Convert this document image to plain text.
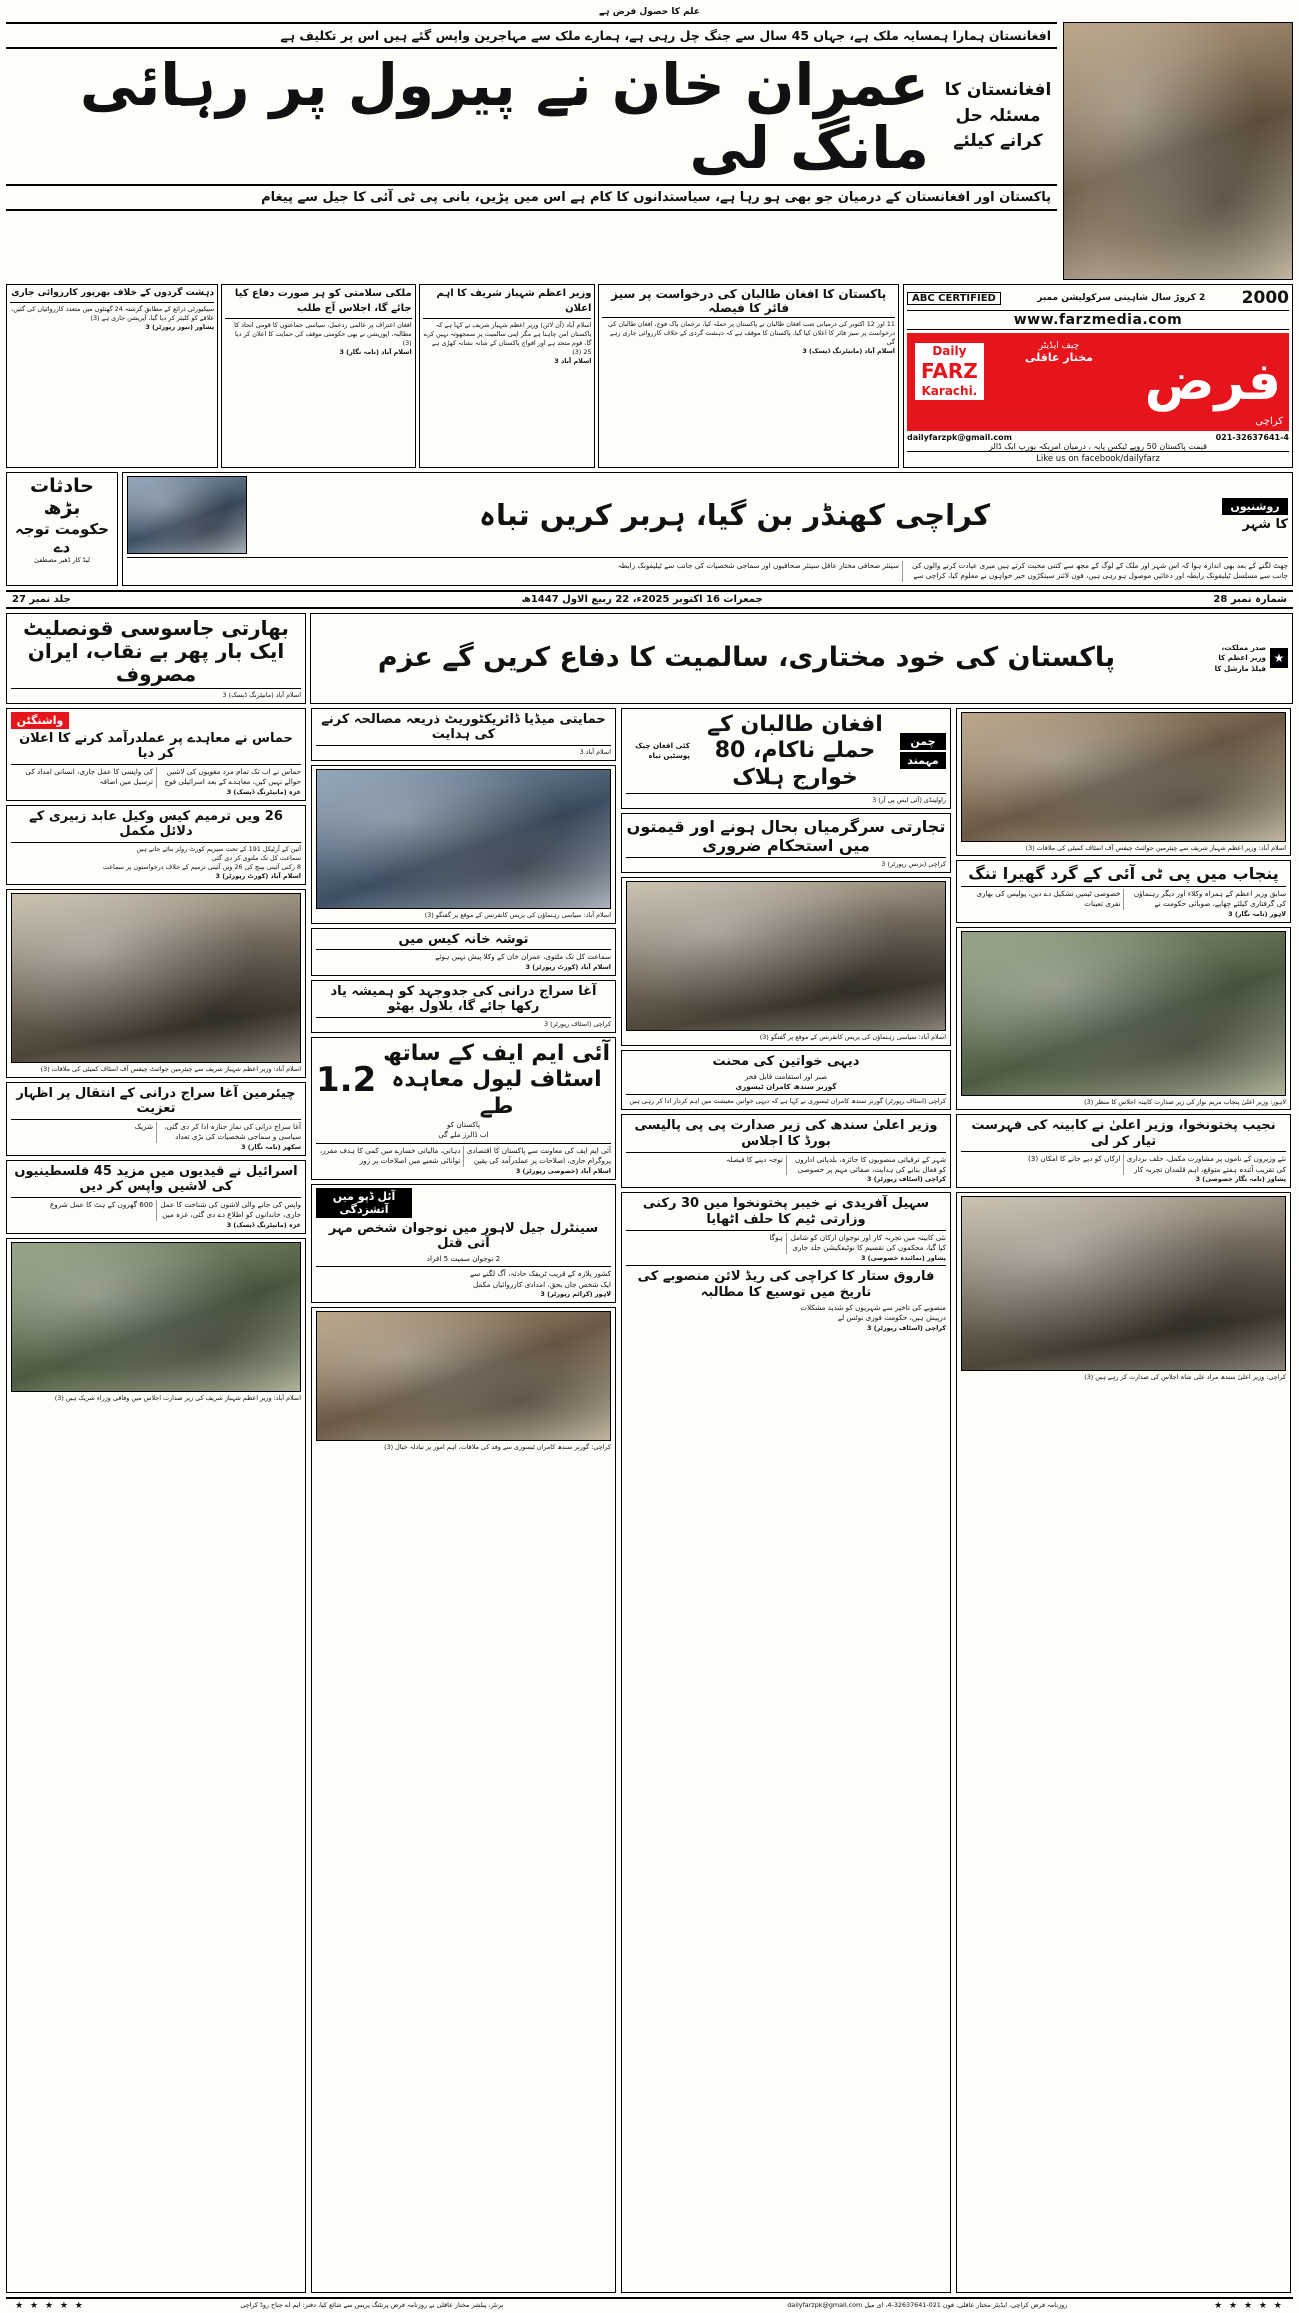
علم کا حصول فرض ہے
افغانستان ہمارا ہمسایہ ملک ہے، جہاں 45 سال سے جنگ چل رہی ہے، ہمارے ملک سے مہاجرین واپس گئے ہیں اس پر تکلیف ہے
عمران خان نے پیرول پر رہائی مانگ لی
افغانستان کا
مسئلہ حل
کرانے کیلئے
پاکستان اور افغانستان کے درمیان جو بھی ہو رہا ہے، سیاستدانوں کا کام ہے اس میں پڑیں، بانی پی ٹی آئی کا جیل سے پیغام
دہشت گردوں کے خلاف بھرپور کارروائی جاری
سیکیورٹی ذرائع کے مطابق گزشتہ 24 گھنٹوں میں متعدد کارروائیاں کی گئیں، علاقے کو کلیئر کر دیا گیا، آپریشن جاری ہے (3)
پشاور (نیوز رپورٹر) 3
ملکی سلامتی کو ہر صورت دفاع کیا جائے گا، اجلاس آج طلب
افغان اعتراف پر عالمی ردعمل، سیاسی جماعتوں کا قومی اتحاد کا مطالبہ، اپوزیشن نے بھی حکومتی موقف کی حمایت کا اعلان کر دیا (3)
اسلام آباد (نامہ نگار) 3
وزیر اعظم شہباز شریف کا اہم اعلان
اسلام آباد (آن لائن) وزیر اعظم شہباز شریف نے کہا ہے کہ پاکستان امن چاہتا ہے مگر اپنی سالمیت پر سمجھوتہ نہیں کرے گا، قوم متحد ہے اور افواج پاکستان کے شانہ بشانہ کھڑی ہے 25 (3)
اسلام آباد 3
پاکستان کا افغان طالبان کی درخواست پر سیز فائر کا فیصلہ
11 اور 12 اکتوبر کی درمیانی شب افغان طالبان نے پاکستان پر حملہ کیا، ترجمان پاک فوج، افغان طالبان کی درخواست پر سیز فائر کا اعلان کیا گیا، پاکستان کا موقف ہے کہ دہشت گردی کے خلاف کارروائی جاری رہے گی
اسلام آباد (مانیٹرنگ ڈیسک) 3
ABC CERTIFIED	2 کروڑ سال شاہینی سرکولیشن ممبر	2000
www.farzmedia.com
Daily
FARZ
Karachi.
چیف ایڈیٹر
مختار عاقلی فرض
کراچی
dailyfarzpk@gmail.com	021-32637641-4
قیمت پاکستان 50 روپے ٹیکس پایہ ، درمیان امریکہ یورپ ایک ڈالر
Like us on facebook/dailyfarz
حادثات بڑھ
حکومت توجہ دے
لیڈ کار ڈھیر مصطفیٰ
کراچی کھنڈر بن گیا، ہربر کریں تباہ	روشنیوں
کا شہر
چھٹ لگنے کے بعد بھی اندازہ ہوا کہ اس شہر اور ملک کے لوگ کے مجھ سے کتنی محبت کرتے ہیں میری عیادت کرنے والوں کی جانب سے مسلسل ٹیلیفونک رابطہ اور دعائیں موصول ہو رہی ہیں، فون لائنز سینکڑوں خیر خواہوں نے معلوم کیا، کراچی سے سینئر صحافی مختار عاقل سینئر صحافیوں اور سماجی شخصیات کی جانب سے ٹیلیفونک رابطہ
جلد نمبر 27	جمعرات 16 اکتوبر 2025ء، 22 ربیع الاول 1447ھ	شمارہ نمبر 28
بھارتی جاسوسی قونصلیٹ ایک بار پھر بے نقاب، ایران مصروف
اسلام آباد (مانیٹرنگ ڈیسک) 3
پاکستان کی خود مختاری، سالمیت کا دفاع کریں گے عزم	صدر مملکت،
وزیر اعظم کا
فیلڈ مارشل کا
★
واشنگٹن
حماس نے معاہدے پر عملدرآمد کرنے کا اعلان کر دیا
حماس نے اب تک تمام مرد مغویوں کی لاشیں حوالے نہیں کیں، معاہدے کے بعد اسرائیلی فوج کی واپسی کا عمل جاری، انسانی امداد کی ترسیل میں اضافہ
غزہ (مانیٹرنگ ڈیسک) 3
26 ویں ترمیم کیس وکیل عابد زبیری کے دلائل مکمل
آئین کے آرٹیکل 191 کے تحت سپریم کورٹ رولز بنائے جاتے ہیں
سماعت کل تک ملتوی کر دی گئی
8 رکنی آئینی بینچ کی 26 ویں آئینی ترمیم کے خلاف درخواستوں پر سماعت
اسلام آباد (کورٹ رپورٹر) 3
اسلام آباد: وزیر اعظم شہباز شریف سے چیئرمین جوائنٹ چیفس آف اسٹاف کمیٹی کی ملاقات (3)
چیئرمین آغا سراج درانی کے انتقال پر اظہار تعزیت
آغا سراج درانی کی نماز جنازہ ادا کر دی گئی، سیاسی و سماجی شخصیات کی بڑی تعداد شریک
سکھر (نامہ نگار) 3
اسرائیل نے قیدیوں میں مزید 45 فلسطینیوں کی لاشیں واپس کر دیں
واپس کی جانے والی لاشوں کی شناخت کا عمل جاری، خاندانوں کو اطلاع دے دی گئی، غزہ میں 600 گھروں کے ہٹ کا عمل شروع
غزہ (مانیٹرنگ ڈیسک) 3
اسلام آباد: وزیر اعظم شہباز شریف کی زیر صدارت اجلاس میں وفاقی وزراء شریک ہیں (3)
حمایتی میڈیا ڈائریکٹوریٹ ذریعہ مصالحہ کرنے کی ہدایت
اسلام آباد 3
اسلام آباد: سیاسی رہنماؤں کی پریس کانفرنس کے موقع پر گفتگو (3)
توشہ خانہ کیس میں
سماعت کل تک ملتوی، عمران خان کے وکلا پیش نہیں ہوئے
اسلام آباد (کورٹ رپورٹر) 3
آغا سراج درانی کی جدوجہد کو ہمیشہ یاد رکھا جائے گا، بلاول بھٹو
کراچی (اسٹاف رپورٹر) 3
1.2
آئی ایم ایف کے ساتھ اسٹاف لیول معاہدہ طے
پاکستان کو
اب ڈالرز ملے گی
آئی ایم ایف کی معاونت سے پاکستان کا اقتصادی پروگرام جاری، اصلاحات پر عملدرآمد کی یقین دہانی، مالیاتی خسارے میں کمی کا ہدف مقرر، توانائی شعبے میں اصلاحات پر زور
اسلام آباد (خصوصی رپورٹر) 3
آئل ڈپو میں آتشزدگی
سینٹرل جیل لاہور میں نوجوان شخص مہر آتی قتل
2 نوجوان سمیت 5 افراد
کشور پلازہ کے قریب ٹریفک حادثہ، آگ لگنے سے ایک شخص جاں بحق، امدادی کارروائیاں مکمل
لاہور (کرائم رپورٹر) 3
کراچی: گورنر سندھ کامران ٹیسوری سے وفد کی ملاقات، اہم امور پر تبادلہ خیال (3)
کئی افغان چیک
پوسٹیں تباہ
افغان طالبان کے حملے ناکام، 80 خوارج ہلاک
چمن
مہمند
راولپنڈی (آئی ایس پی آر) 3
تجارتی سرگرمیاں بحال ہونے اور قیمتوں میں استحکام ضروری
کراچی (بزنس رپورٹر) 3
اسلام آباد: سیاسی رہنماؤں کی پریس کانفرنس کے موقع پر گفتگو (3)
دیہی خواتین کی محنت
صبر اور استقامت قابل فخر
گورنر سندھ کامران ٹیسوری
کراچی (اسٹاف رپورٹر) گورنر سندھ کامران ٹیسوری نے کہا ہے کہ دیہی خواتین معیشت میں اہم کردار ادا کر رہی ہیں
وزیر اعلیٰ سندھ کی زیر صدارت پی پی پالیسی بورڈ کا اجلاس
شہر کے ترقیاتی منصوبوں کا جائزہ، بلدیاتی اداروں کو فعال بنانے کی ہدایت، صفائی مہم پر خصوصی توجہ دینے کا فیصلہ
کراچی (اسٹاف رپورٹر) 3
سہیل آفریدی نے خیبر پختونخوا میں 30 رکنی وزارتی ٹیم کا حلف اٹھایا
نئی کابینہ میں تجربہ کار اور نوجوان ارکان کو شامل کیا گیا، محکموں کی تقسیم کا نوٹیفکیشن جلد جاری ہوگا
پشاور (نمائندہ خصوصی) 3
فاروق ستار کا کراچی کی ریڈ لائن منصوبے کی تاریخ میں توسیع کا مطالبہ
منصوبے کی تاخیر سے شہریوں کو شدید مشکلات درپیش ہیں، حکومت فوری نوٹس لے
کراچی (اسٹاف رپورٹر) 3
اسلام آباد: وزیر اعظم شہباز شریف سے چیئرمین جوائنٹ چیفس آف اسٹاف کمیٹی کی ملاقات (3)
پنجاب میں پی ٹی آئی کے گرد گھیرا تنگ
سابق وزیر اعظم کے ہمراہ وکلاء اور دیگر رہنماؤں کی گرفتاری کیلئے چھاپے، صوبائی حکومت نے خصوصی ٹیمیں تشکیل دے دیں، پولیس کی بھاری نفری تعینات
لاہور (نامہ نگار) 3
لاہور: وزیر اعلیٰ پنجاب مریم نواز کی زیر صدارت کابینہ اجلاس کا منظر (3)
نجیب پختونخوا، وزیر اعلیٰ نے کابینہ کی فہرست تیار کر لی
نئے وزیروں کے ناموں پر مشاورت مکمل، حلف برداری کی تقریب آئندہ ہفتے متوقع، اہم قلمدان تجربہ کار ارکان کو دیے جانے کا امکان (3)
پشاور (نامہ نگار خصوصی) 3
کراچی: وزیر اعلیٰ سندھ مراد علی شاہ اجلاس کی صدارت کر رہے ہیں (3)
★ ★ ★ ★ ★	پرنٹر، پبلشر مختار عاقلی نے روزنامہ فرض پرنٹنگ پریس سے شائع کیا، دفتر: ایم اے جناح روڈ کراچی	روزنامہ فرض کراچی، ایڈیٹر مختار عاقلی، فون 021-32637641-4، ای میل dailyfarzpk@gmail.com	★ ★ ★ ★ ★
